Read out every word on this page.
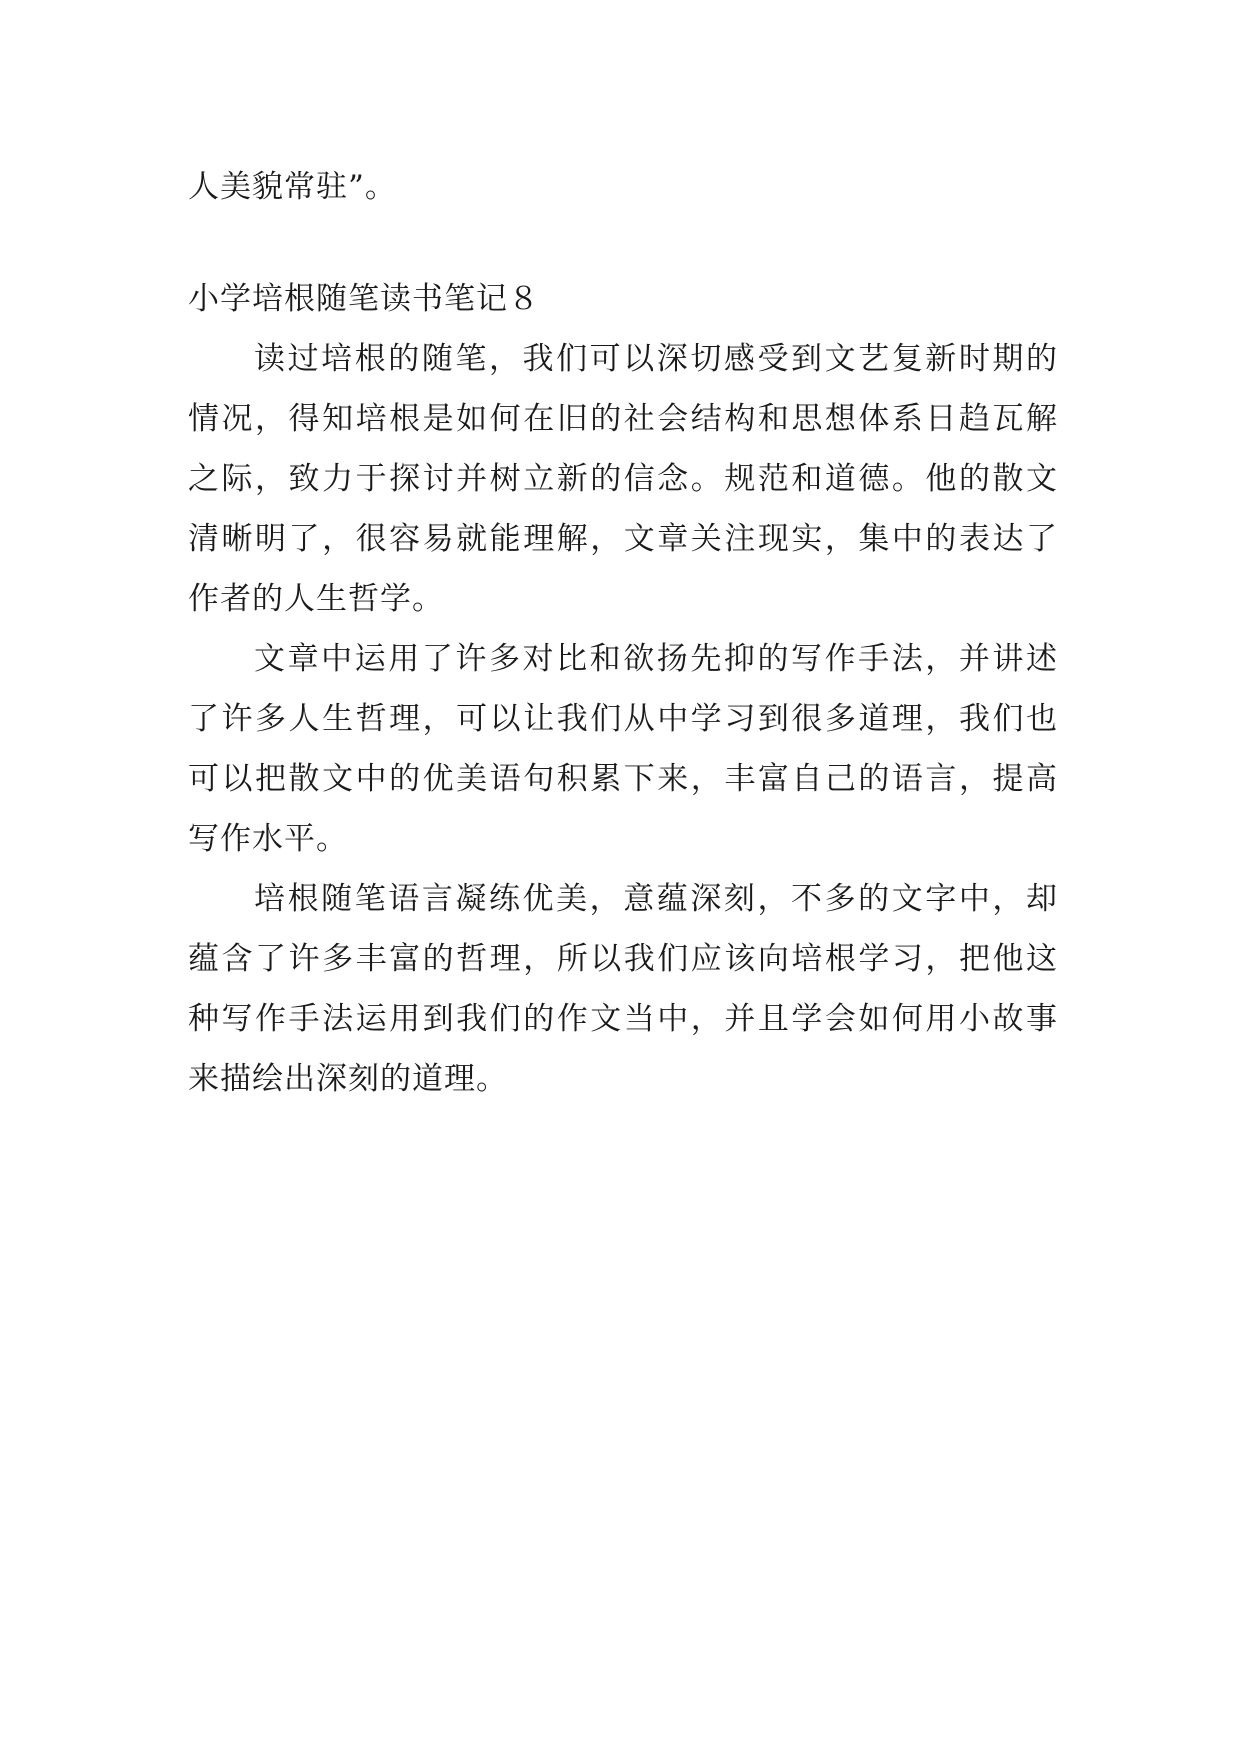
人美貌常驻”。
小学培根随笔读书笔记８
读过培根的随笔，我们可以深切感受到文艺复新时期的
情况，得知培根是如何在旧的社会结构和思想体系日趋瓦解
之际，致力于探讨并树立新的信念。规范和道德。他的散文
清晰明了，很容易就能理解，文章关注现实，集中的表达了
作者的人生哲学。
文章中运用了许多对比和欲扬先抑的写作手法，并讲述
了许多人生哲理，可以让我们从中学习到很多道理，我们也
可以把散文中的优美语句积累下来，丰富自己的语言，提高
写作水平。
培根随笔语言凝练优美，意蕴深刻，不多的文字中，却
蕴含了许多丰富的哲理，所以我们应该向培根学习，把他这
种写作手法运用到我们的作文当中，并且学会如何用小故事
来描绘出深刻的道理。
